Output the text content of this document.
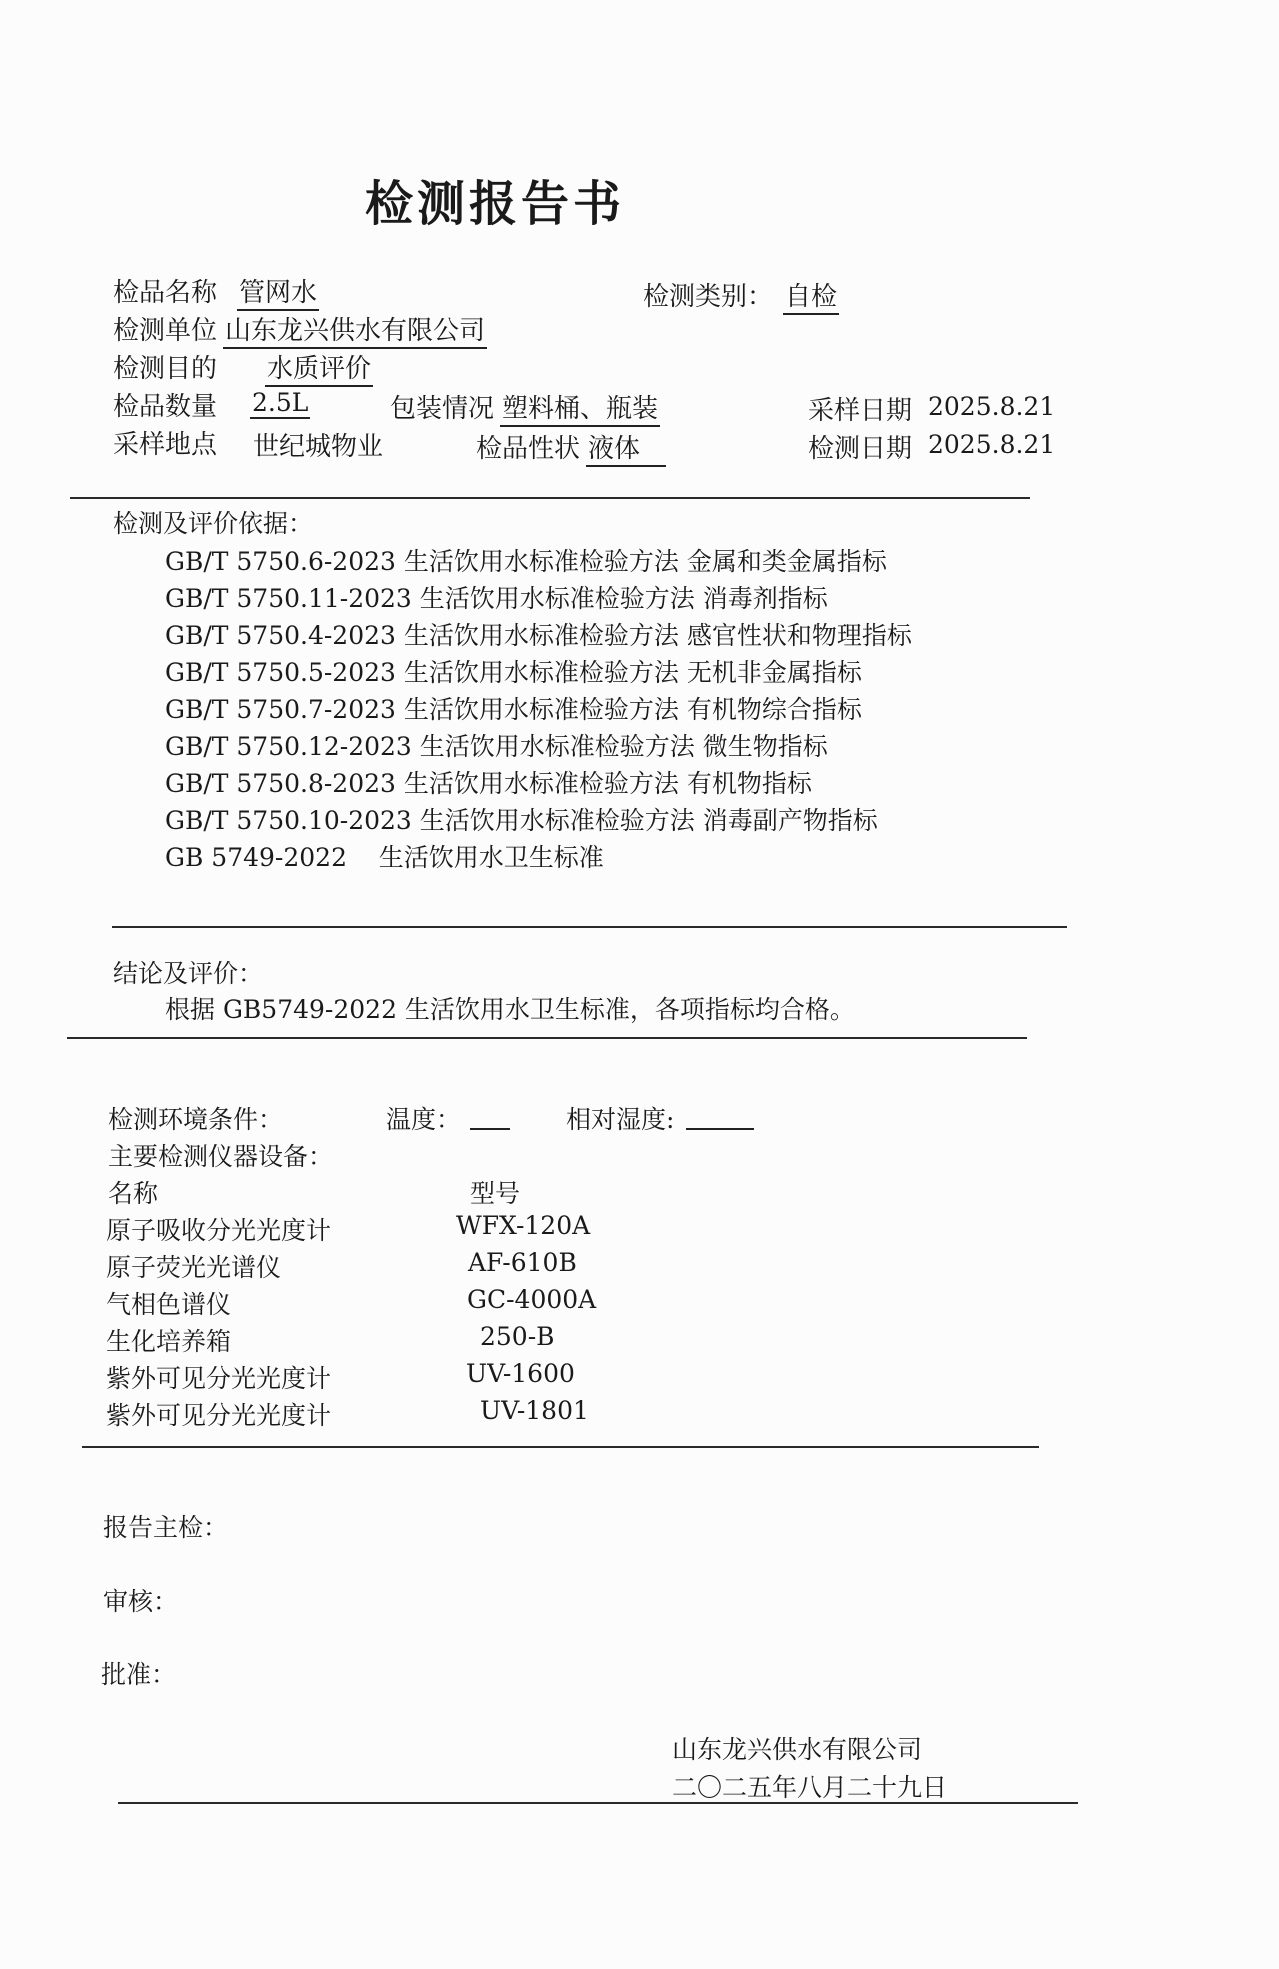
检测报告书
检品名称 管网水	检测类别： 自检
检测单位 山东龙兴供水有限公司
检测目的 水质评价
检品数量 2.5L	包装情况 塑料桶、瓶装	采样日期 2025.8.21
采样地点 世纪城物业	检品性状 液体	检测日期 2025.8.21
检测及评价依据：
GB/T 5750.6-2023 生活饮用水标准检验方法 金属和类金属指标
GB/T 5750.11-2023 生活饮用水标准检验方法 消毒剂指标
GB/T 5750.4-2023 生活饮用水标准检验方法 感官性状和物理指标
GB/T 5750.5-2023 生活饮用水标准检验方法 无机非金属指标
GB/T 5750.7-2023 生活饮用水标准检验方法 有机物综合指标
GB/T 5750.12-2023 生活饮用水标准检验方法 微生物指标
GB/T 5750.8-2023 生活饮用水标准检验方法 有机物指标
GB/T 5750.10-2023 生活饮用水标准检验方法 消毒副产物指标
GB 5749-2022    生活饮用水卫生标准
结论及评价：
根据 GB5749-2022 生活饮用水卫生标准，各项指标均合格。
检测环境条件：	温度：	相对湿度:
主要检测仪器设备：
名称	型号
原子吸收分光光度计	WFX-120A
原子荧光光谱仪	AF-610B
气相色谱仪	GC-4000A
生化培养箱	250-B
紫外可见分光光度计	UV-1600
紫外可见分光光度计	UV-1801
报告主检：
审核：
批准：
山东龙兴供水有限公司
二〇二五年八月二十九日
